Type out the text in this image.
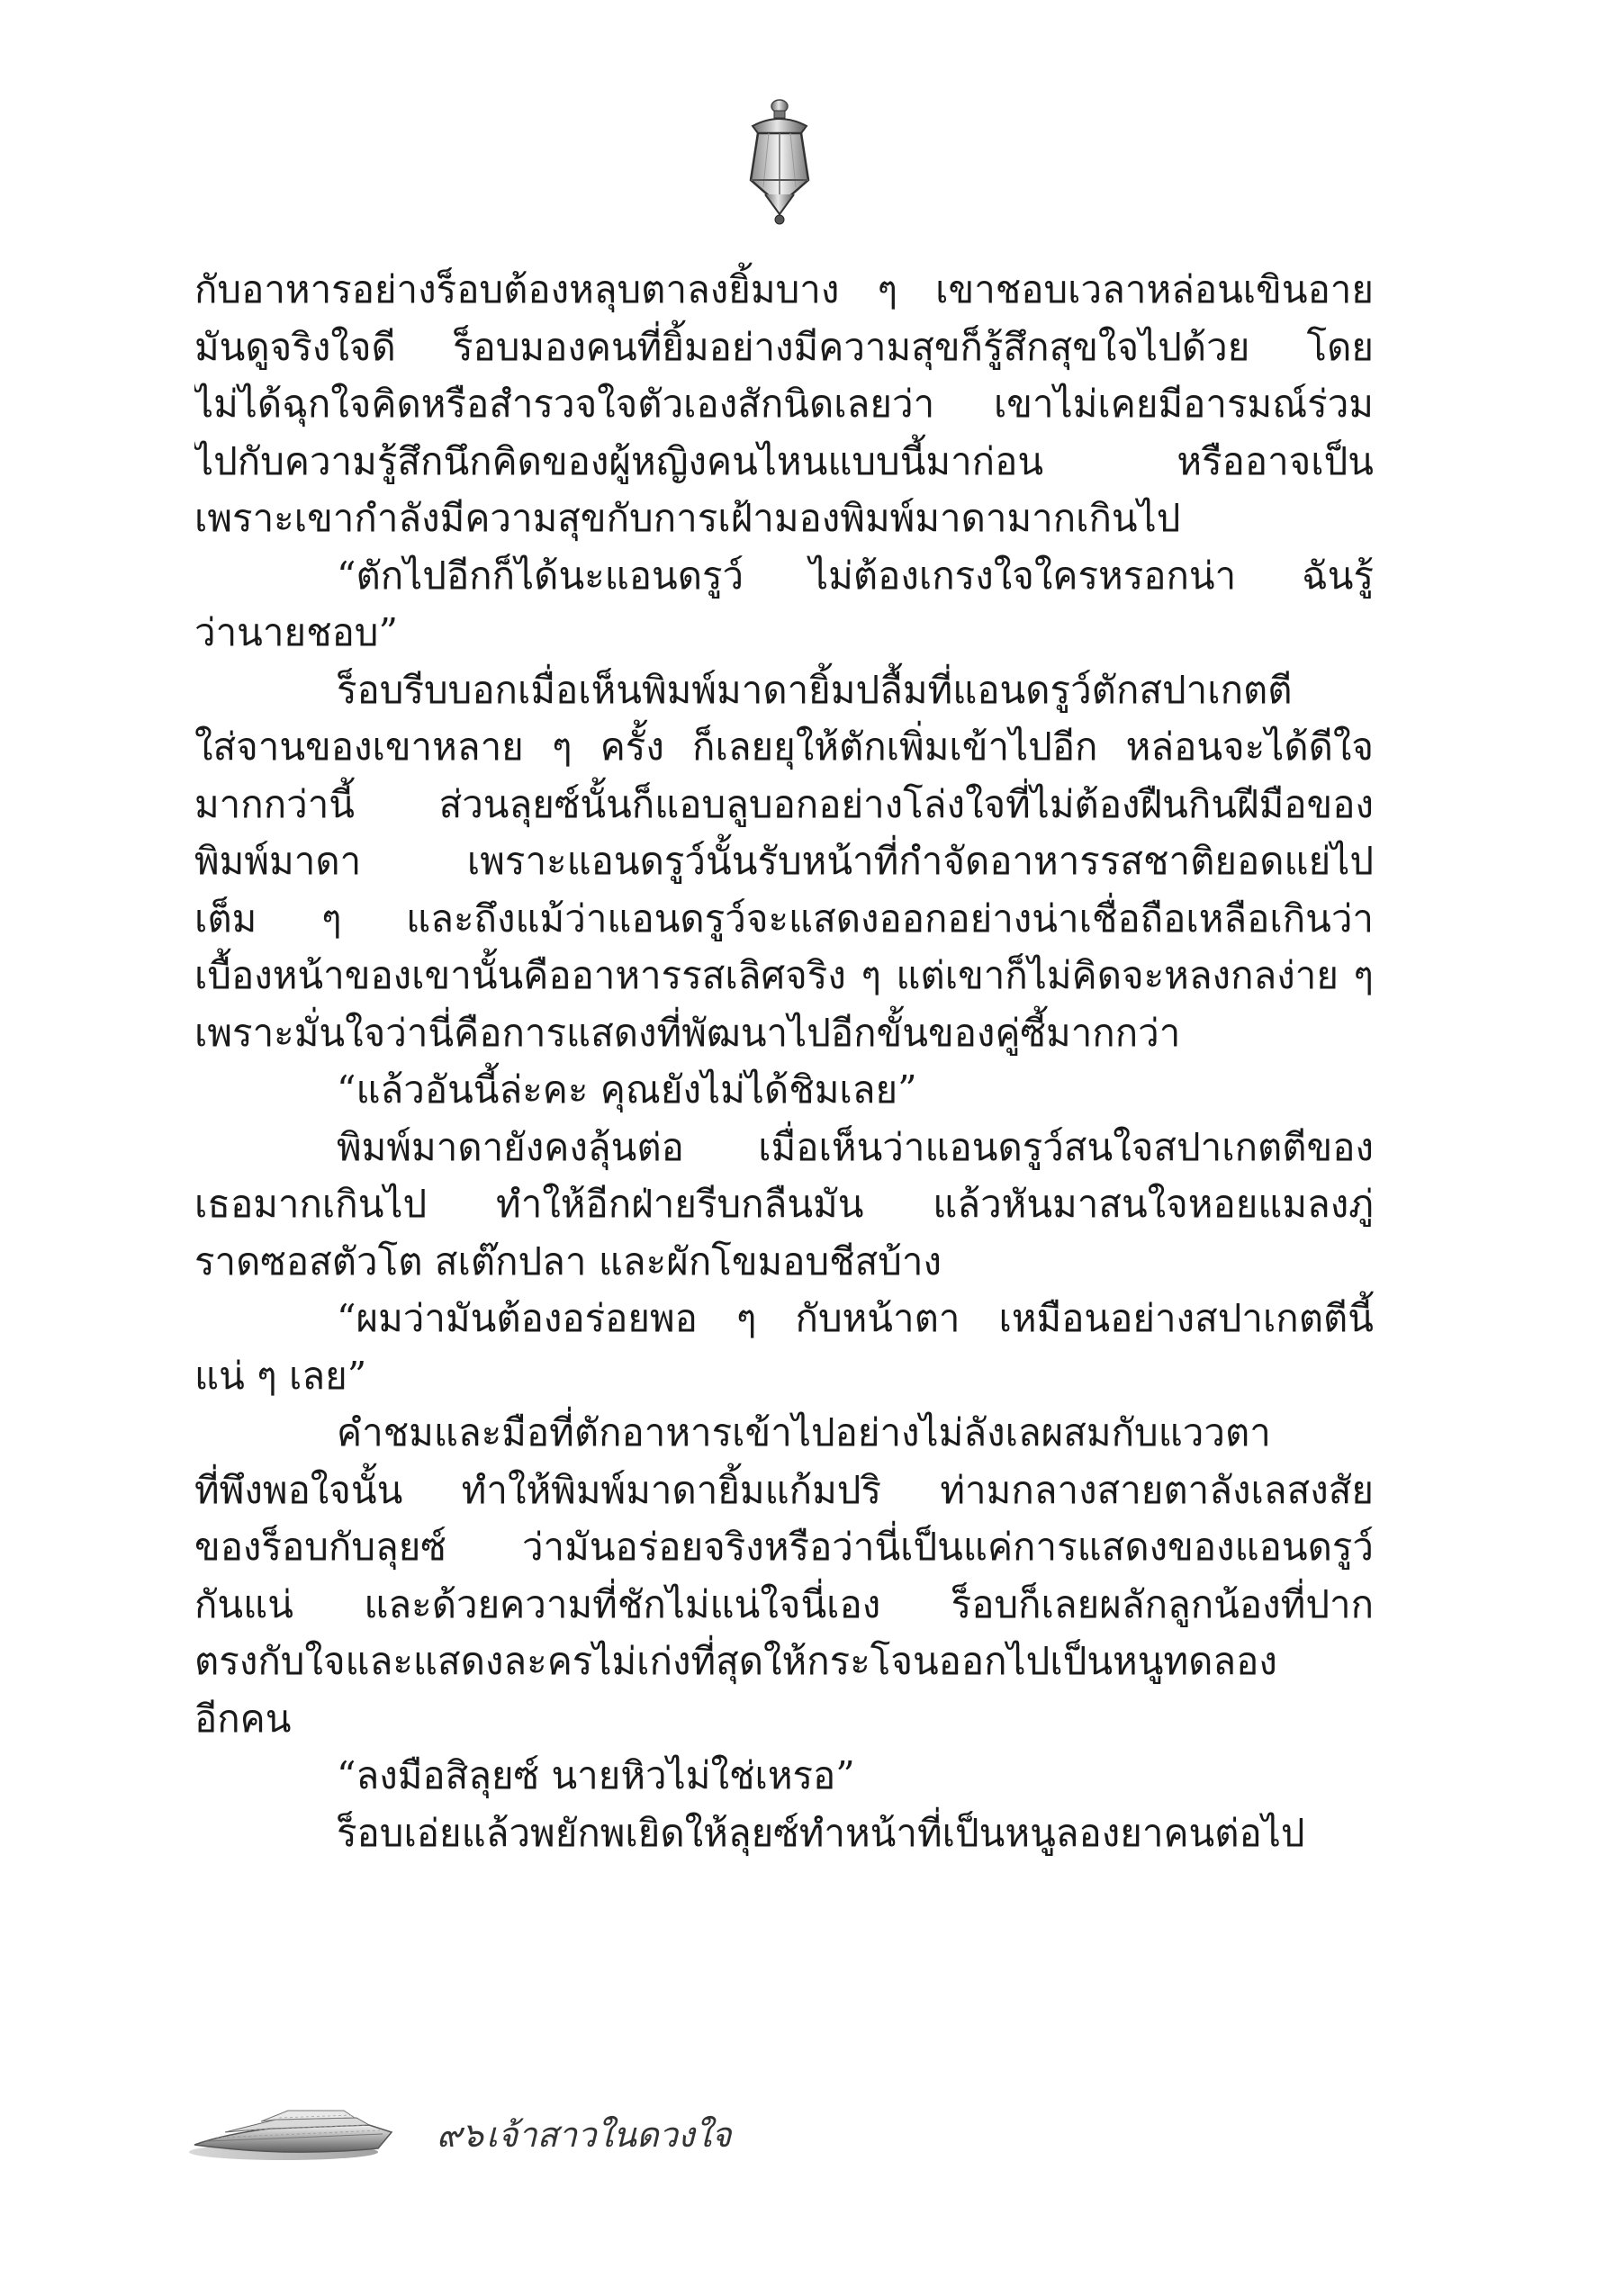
กับอาหารอย่างร็อบต้องหลุบตาลงยิ้มบาง ๆ เขาชอบเวลาหล่อนเขินอาย
มันดูจริงใจดี ร็อบมองคนที่ยิ้มอย่างมีความสุขก็รู้สึกสุขใจไปด้วย โดย
ไม่ได้ฉุกใจคิดหรือสำรวจใจตัวเองสักนิดเลยว่า เขาไม่เคยมีอารมณ์ร่วม
ไปกับความรู้สึกนึกคิดของผู้หญิงคนไหนแบบนี้มาก่อน หรืออาจเป็น
เพราะเขากำลังมีความสุขกับการเฝ้ามองพิมพ์มาดามากเกินไป
“ตักไปอีกก็ได้นะแอนดรูว์ ไม่ต้องเกรงใจใครหรอกน่า ฉันรู้
ว่านายชอบ”
ร็อบรีบบอกเมื่อเห็นพิมพ์มาดายิ้มปลื้มที่แอนดรูว์ตักสปาเกตตี
ใส่จานของเขาหลาย ๆ ครั้ง ก็เลยยุให้ตักเพิ่มเข้าไปอีก หล่อนจะได้ดีใจ
มากกว่านี้ ส่วนลุยซ์นั้นก็แอบลูบอกอย่างโล่งใจที่ไม่ต้องฝืนกินฝีมือของ
พิมพ์มาดา เพราะแอนดรูว์นั้นรับหน้าที่กำจัดอาหารรสชาติยอดแย่ไป
เต็ม ๆ และถึงแม้ว่าแอนดรูว์จะแสดงออกอย่างน่าเชื่อถือเหลือเกินว่า
เบื้องหน้าของเขานั้นคืออาหารรสเลิศจริง ๆ แต่เขาก็ไม่คิดจะหลงกลง่าย ๆ
เพราะมั่นใจว่านี่คือการแสดงที่พัฒนาไปอีกขั้นของคู่ซี้มากกว่า
“แล้วอันนี้ล่ะคะ คุณยังไม่ได้ชิมเลย”
พิมพ์มาดายังคงลุ้นต่อ เมื่อเห็นว่าแอนดรูว์สนใจสปาเกตตีของ
เธอมากเกินไป ทำให้อีกฝ่ายรีบกลืนมัน แล้วหันมาสนใจหอยแมลงภู่
ราดซอสตัวโต สเต๊กปลา และผักโขมอบชีสบ้าง
“ผมว่ามันต้องอร่อยพอ ๆ กับหน้าตา เหมือนอย่างสปาเกตตีนี้
แน่ ๆ เลย”
คำชมและมือที่ตักอาหารเข้าไปอย่างไม่ลังเลผสมกับแววตา
ที่พึงพอใจนั้น ทำให้พิมพ์มาดายิ้มแก้มปริ ท่ามกลางสายตาลังเลสงสัย
ของร็อบกับลุยซ์ ว่ามันอร่อยจริงหรือว่านี่เป็นแค่การแสดงของแอนดรูว์
กันแน่ และด้วยความที่ชักไม่แน่ใจนี่เอง ร็อบก็เลยผลักลูกน้องที่ปาก
ตรงกับใจและแสดงละครไม่เก่งที่สุดให้กระโจนออกไปเป็นหนูทดลอง
อีกคน
“ลงมือสิลุยซ์ นายหิวไม่ใช่เหรอ”
ร็อบเอ่ยแล้วพยักพเยิดให้ลุยซ์ทำหน้าที่เป็นหนูลองยาคนต่อไป
๙๖ เจ้าสาวในดวงใจ
